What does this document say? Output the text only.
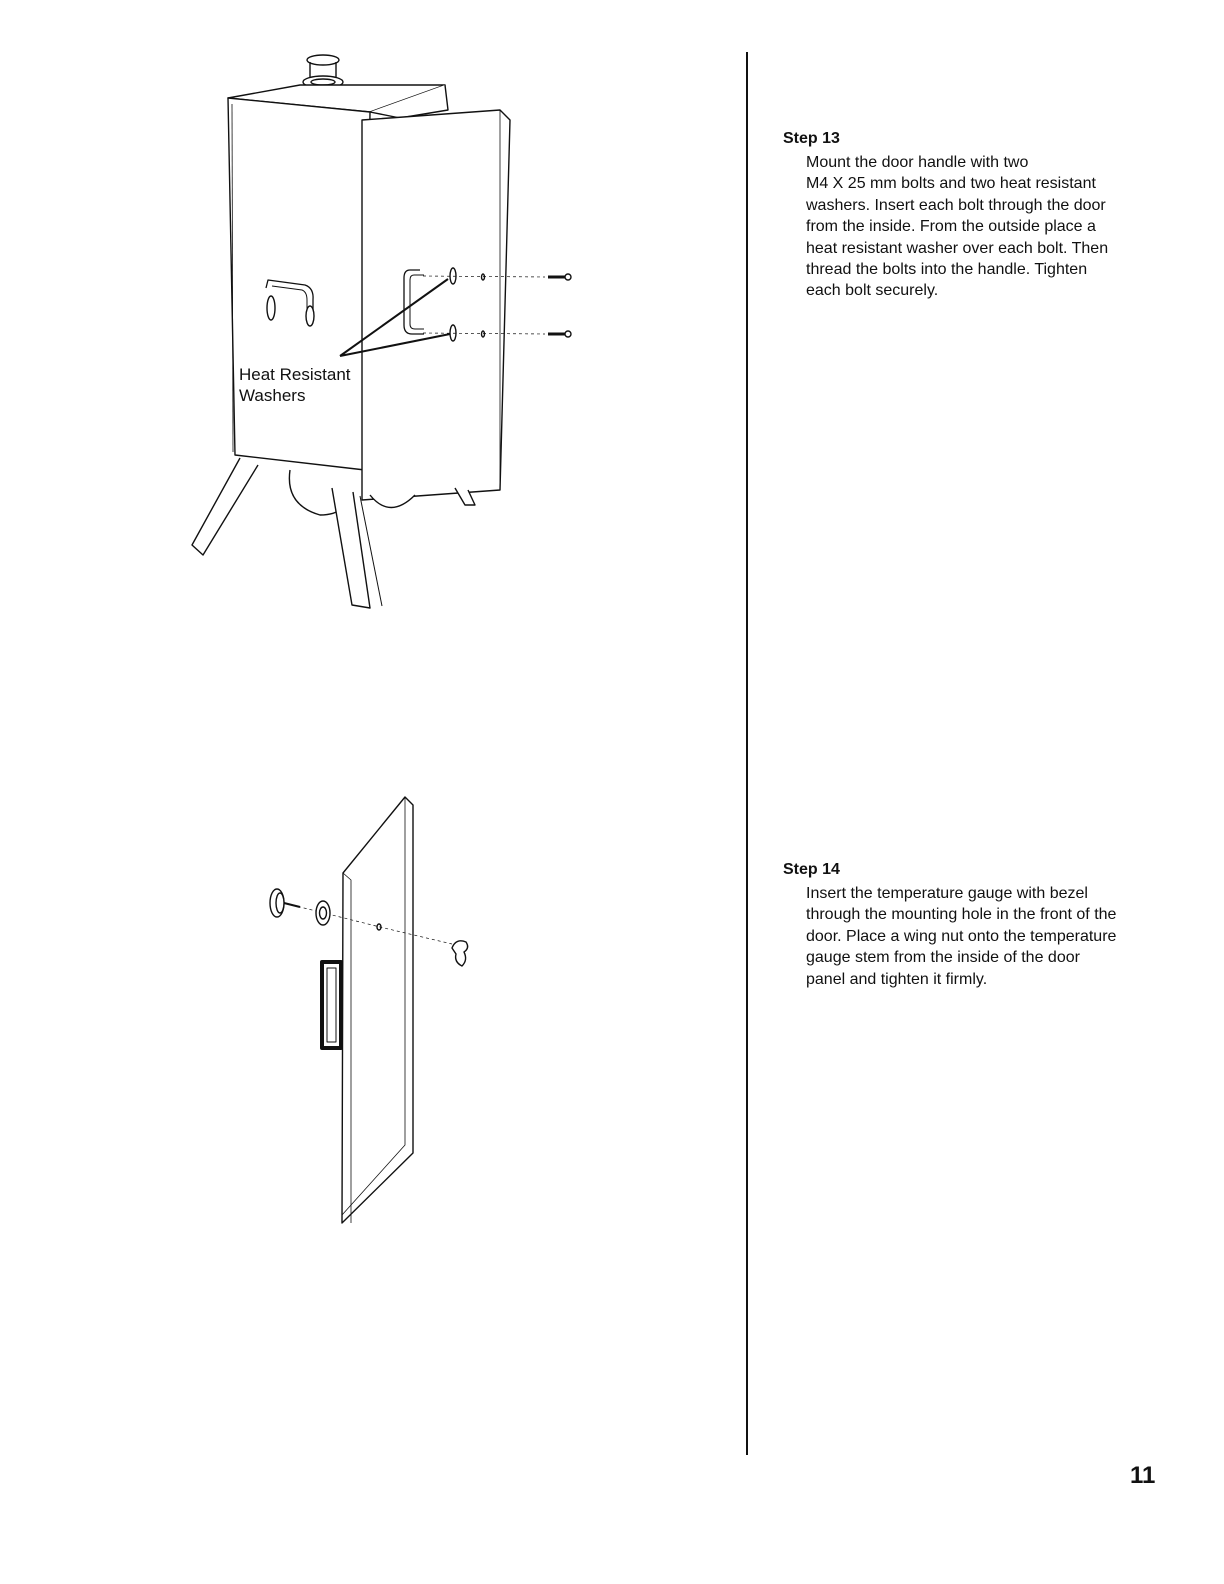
Heat Resistant
Washers
Step 13

Mount the door handle with two
M4 X 25 mm bolts and two heat resistant
washers. Insert each bolt through the door
from the inside. From the outside place a
heat resistant washer over each bolt. Then
thread the bolts into the handle. Tighten
each bolt securely.

Step 14

Insert the temperature gauge with bezel
through the mounting hole in the front of the
door. Place a wing nut onto the temperature
gauge stem from the inside of the door
panel and tighten it firmly.

11
